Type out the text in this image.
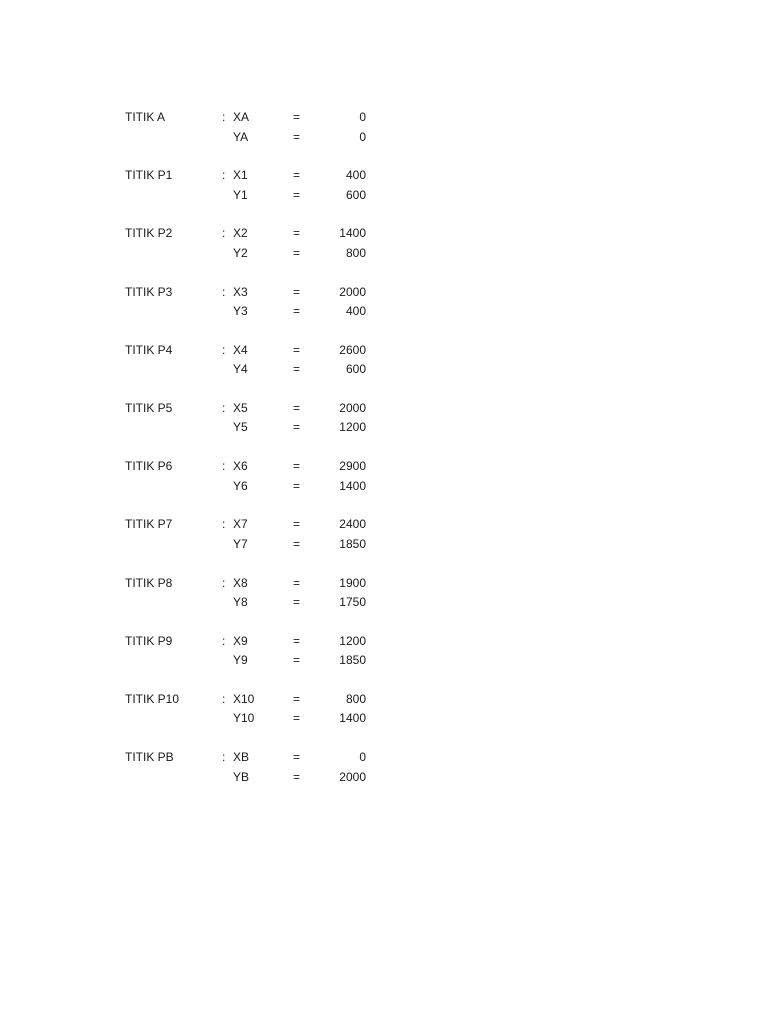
TITIK A	: XA	=	0
YA	=	0
TITIK P1	: X1	=	400
Y1	=	600
TITIK P2	: X2	=	1400
Y2	=	800
TITIK P3	: X3	=	2000
Y3	=	400
TITIK P4	: X4	=	2600
Y4	=	600
TITIK P5	: X5	=	2000
Y5	=	1200
TITIK P6	: X6	=	2900
Y6	=	1400
TITIK P7	: X7	=	2400
Y7	=	1850
TITIK P8	: X8	=	1900
Y8	=	1750
TITIK P9	: X9	=	1200
Y9	=	1850
TITIK P10	: X10	=	800
Y10	=	1400
TITIK PB	: XB	=	0
YB	=	2000
